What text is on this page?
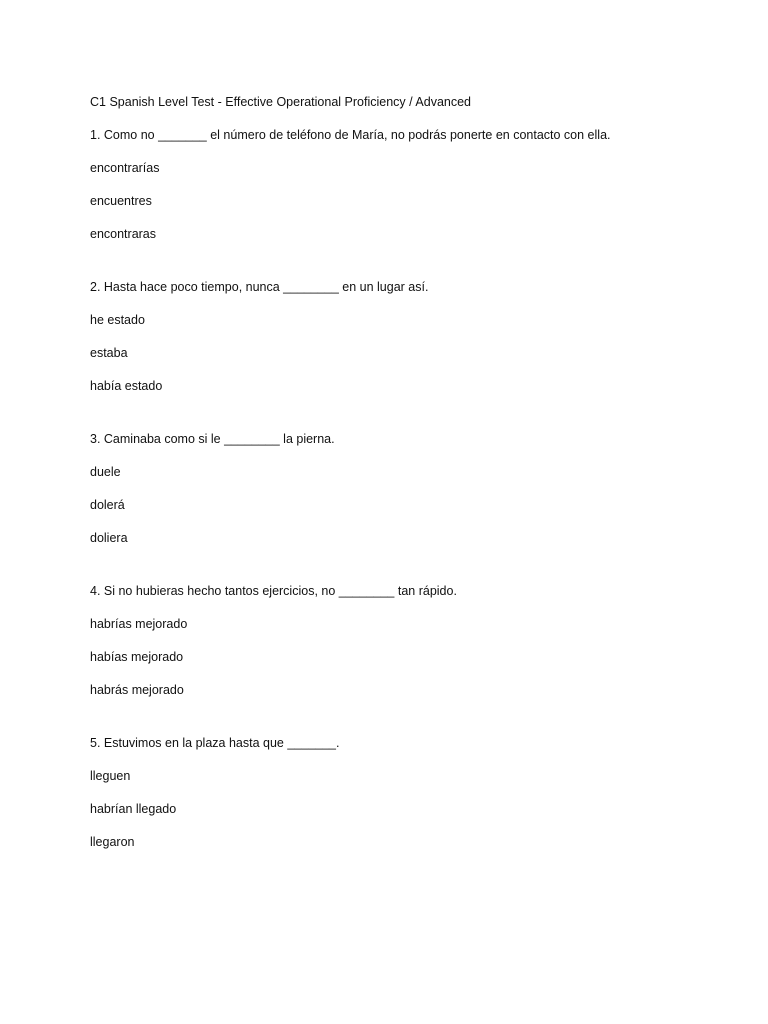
C1 Spanish Level Test - Effective Operational Proficiency / Advanced
1. Como no _______ el número de teléfono de María, no podrás ponerte en contacto con ella.
encontrarías
encuentres
encontraras
2. Hasta hace poco tiempo, nunca ________ en un lugar así.
he estado
estaba
había estado
3. Caminaba como si le ________ la pierna.
duele
dolerá
doliera
4. Si no hubieras hecho tantos ejercicios, no ________ tan rápido.
habrías mejorado
habías mejorado
habrás mejorado
5. Estuvimos en la plaza hasta que _______.
lleguen
habrían llegado
llegaron
